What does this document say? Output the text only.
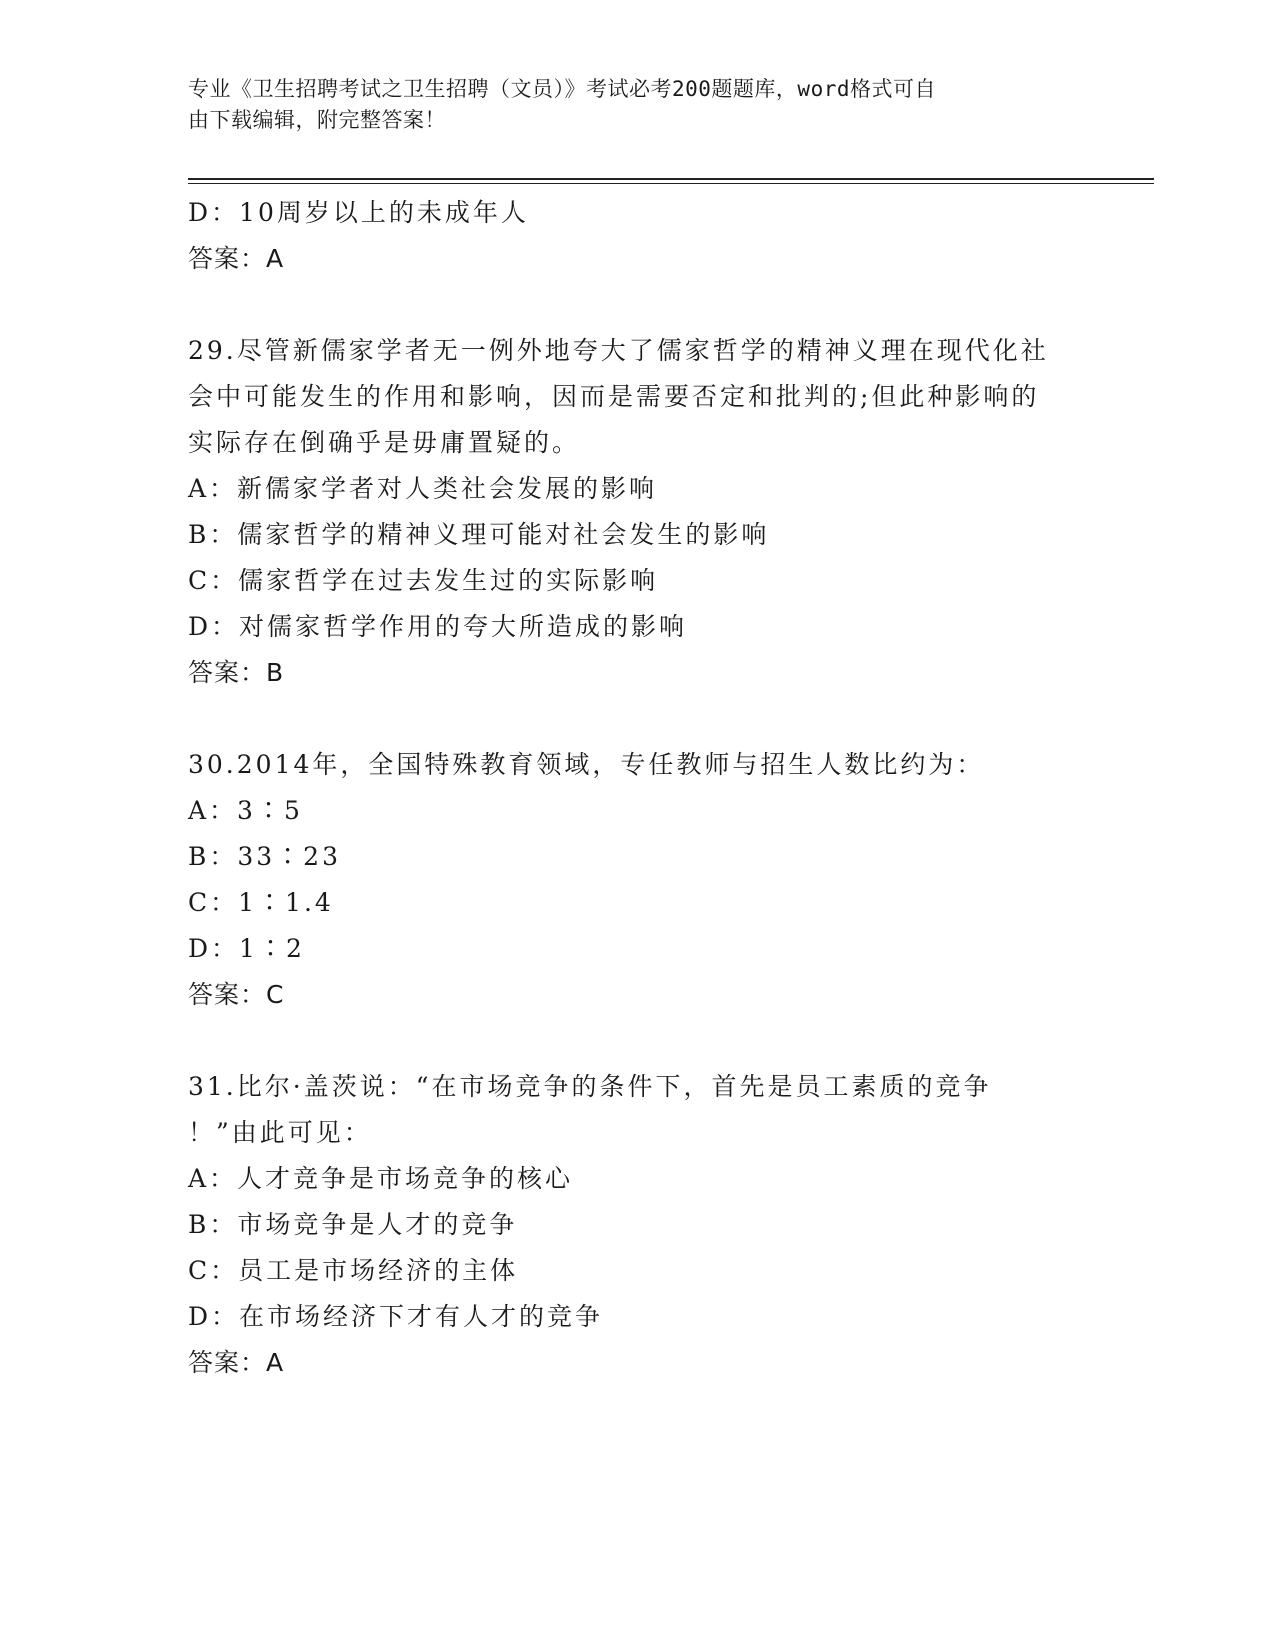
专业《卫生招聘考试之卫生招聘（文员）》考试必考200题题库，word格式可自
由下载编辑，附完整答案！
D：10周岁以上的未成年人
答案：A
29.尽管新儒家学者无一例外地夸大了儒家哲学的精神义理在现代化社
会中可能发生的作用和影响，因而是需要否定和批判的;但此种影响的
实际存在倒确乎是毋庸置疑的。
A：新儒家学者对人类社会发展的影响
B：儒家哲学的精神义理可能对社会发生的影响
C：儒家哲学在过去发生过的实际影响
D：对儒家哲学作用的夸大所造成的影响
答案：B
30.2014年，全国特殊教育领域，专任教师与招生人数比约为：
A：3∶5
B：33∶23
C：1∶1.4
D：1∶2
答案：C
31.比尔·盖茨说：“在市场竞争的条件下，首先是员工素质的竞争
！”由此可见：
A：人才竞争是市场竞争的核心
B：市场竞争是人才的竞争
C：员工是市场经济的主体
D：在市场经济下才有人才的竞争
答案：A
